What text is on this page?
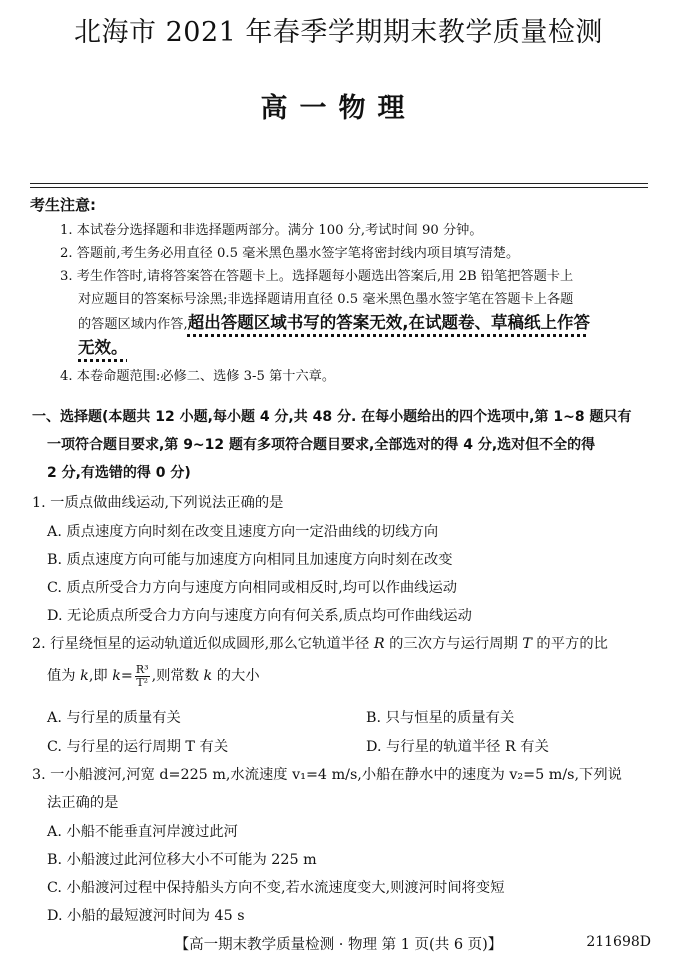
北海市 2021 年春季学期期末教学质量检测
高一物理
考生注意:
1. 本试卷分选择题和非选择题两部分。满分 100 分,考试时间 90 分钟。
2. 答题前,考生务必用直径 0.5 毫米黑色墨水签字笔将密封线内项目填写清楚。
3. 考生作答时,请将答案答在答题卡上。选择题每小题选出答案后,用 2B 铅笔把答题卡上
对应题目的答案标号涂黑;非选择题请用直径 0.5 毫米黑色墨水签字笔在答题卡上各题
的答题区域内作答,超出答题区域书写的答案无效,在试题卷、草稿纸上作答
无效。
4. 本卷命题范围:必修二、选修 3-5 第十六章。
一、选择题(本题共 12 小题,每小题 4 分,共 48 分. 在每小题给出的四个选项中,第 1~8 题只有
一项符合题目要求,第 9~12 题有多项符合题目要求,全部选对的得 4 分,选对但不全的得
2 分,有选错的得 0 分)
1. 一质点做曲线运动,下列说法正确的是
A. 质点速度方向时刻在改变且速度方向一定沿曲线的切线方向
B. 质点速度方向可能与加速度方向相同且加速度方向时刻在改变
C. 质点所受合力方向与速度方向相同或相反时,均可以作曲线运动
D. 无论质点所受合力方向与速度方向有何关系,质点均可作曲线运动
2. 行星绕恒星的运动轨道近似成圆形,那么它轨道半径 R 的三次方与运行周期 T 的平方的比
值为 k,即 $k= \frac{\text{R³}}{\text{T²}}$ ,则常数 k 的大小
A. 与行星的质量有关	B. 只与恒星的质量有关
C. 与行星的运行周期 T 有关	D. 与行星的轨道半径 R 有关
3. 一小船渡河,河宽 d=225 m,水流速度 v₁=4 m/s,小船在静水中的速度为 v₂=5 m/s,下列说
法正确的是
A. 小船不能垂直河岸渡过此河
B. 小船渡过此河位移大小不可能为 225 m
C. 小船渡河过程中保持船头方向不变,若水流速度变大,则渡河时间将变短
D. 小船的最短渡河时间为 45 s
【高一期末教学质量检测 · 物理 第 1 页(共 6 页)】	211698D
